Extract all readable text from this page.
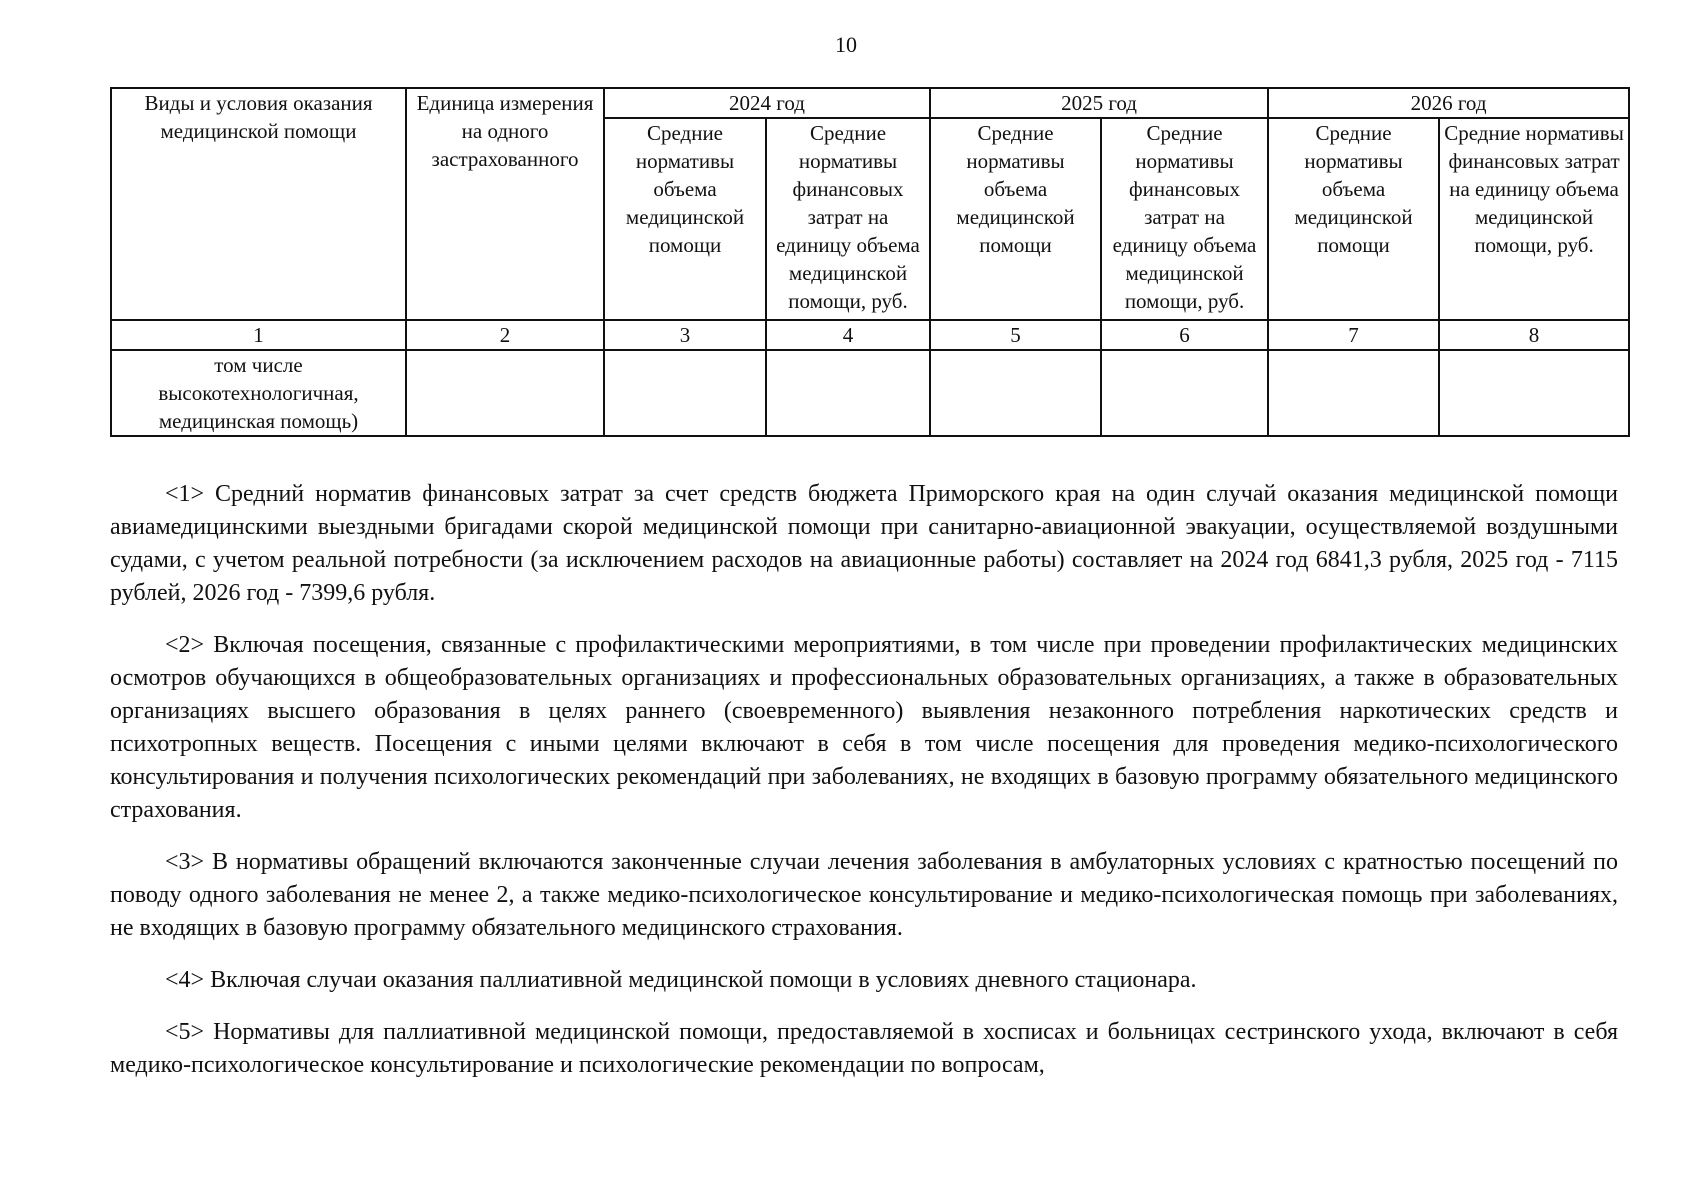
10
Виды и условия оказания медицинской помощи	Единица измерения на одного застрахованного	2024 год		2025 год		2026 год	
		Средние нормативы объема медицинской помощи	Средние нормативы финансовых затрат на единицу объема медицинской помощи, руб.	Средние нормативы объема медицинской помощи	Средние нормативы финансовых затрат на единицу объема медицинской помощи, руб.	Средние нормативы объема медицинской помощи	Средние нормативы финансовых затрат на единицу объема медицинской помощи, руб.
1	2	3	4	5	6	7	8
том числе высокотехнологичная, медицинская помощь)							

<1> Средний норматив финансовых затрат за счет средств бюджета Приморского края на один случай оказания медицинской помощи авиамедицинскими выездными бригадами скорой медицинской помощи при санитарно-авиационной эвакуации, осуществляемой воздушными судами, с учетом реальной потребности (за исключением расходов на авиационные работы) составляет на 2024 год 6841,3 рубля, 2025 год - 7115 рублей, 2026 год - 7399,6 рубля.

<2> Включая посещения, связанные с профилактическими мероприятиями, в том числе при проведении профилактических медицинских осмотров обучающихся в общеобразовательных организациях и профессиональных образовательных организациях, а также в образовательных организациях высшего образования в целях раннего (своевременного) выявления незаконного потребления наркотических средств и психотропных веществ. Посещения с иными целями включают в себя в том числе посещения для проведения медико-психологического консультирования и получения психологических рекомендаций при заболеваниях, не входящих в базовую программу обязательного медицинского страхования.

<3> В нормативы обращений включаются законченные случаи лечения заболевания в амбулаторных условиях с кратностью посещений по поводу одного заболевания не менее 2, а также медико-психологическое консультирование и медико-психологическая помощь при заболеваниях, не входящих в базовую программу обязательного медицинского страхования.

<4> Включая случаи оказания паллиативной медицинской помощи в условиях дневного стационара.

<5> Нормативы для паллиативной медицинской помощи, предоставляемой в хосписах и больницах сестринского ухода, включают в себя медико-психологическое консультирование и психологические рекомендации по вопросам,
